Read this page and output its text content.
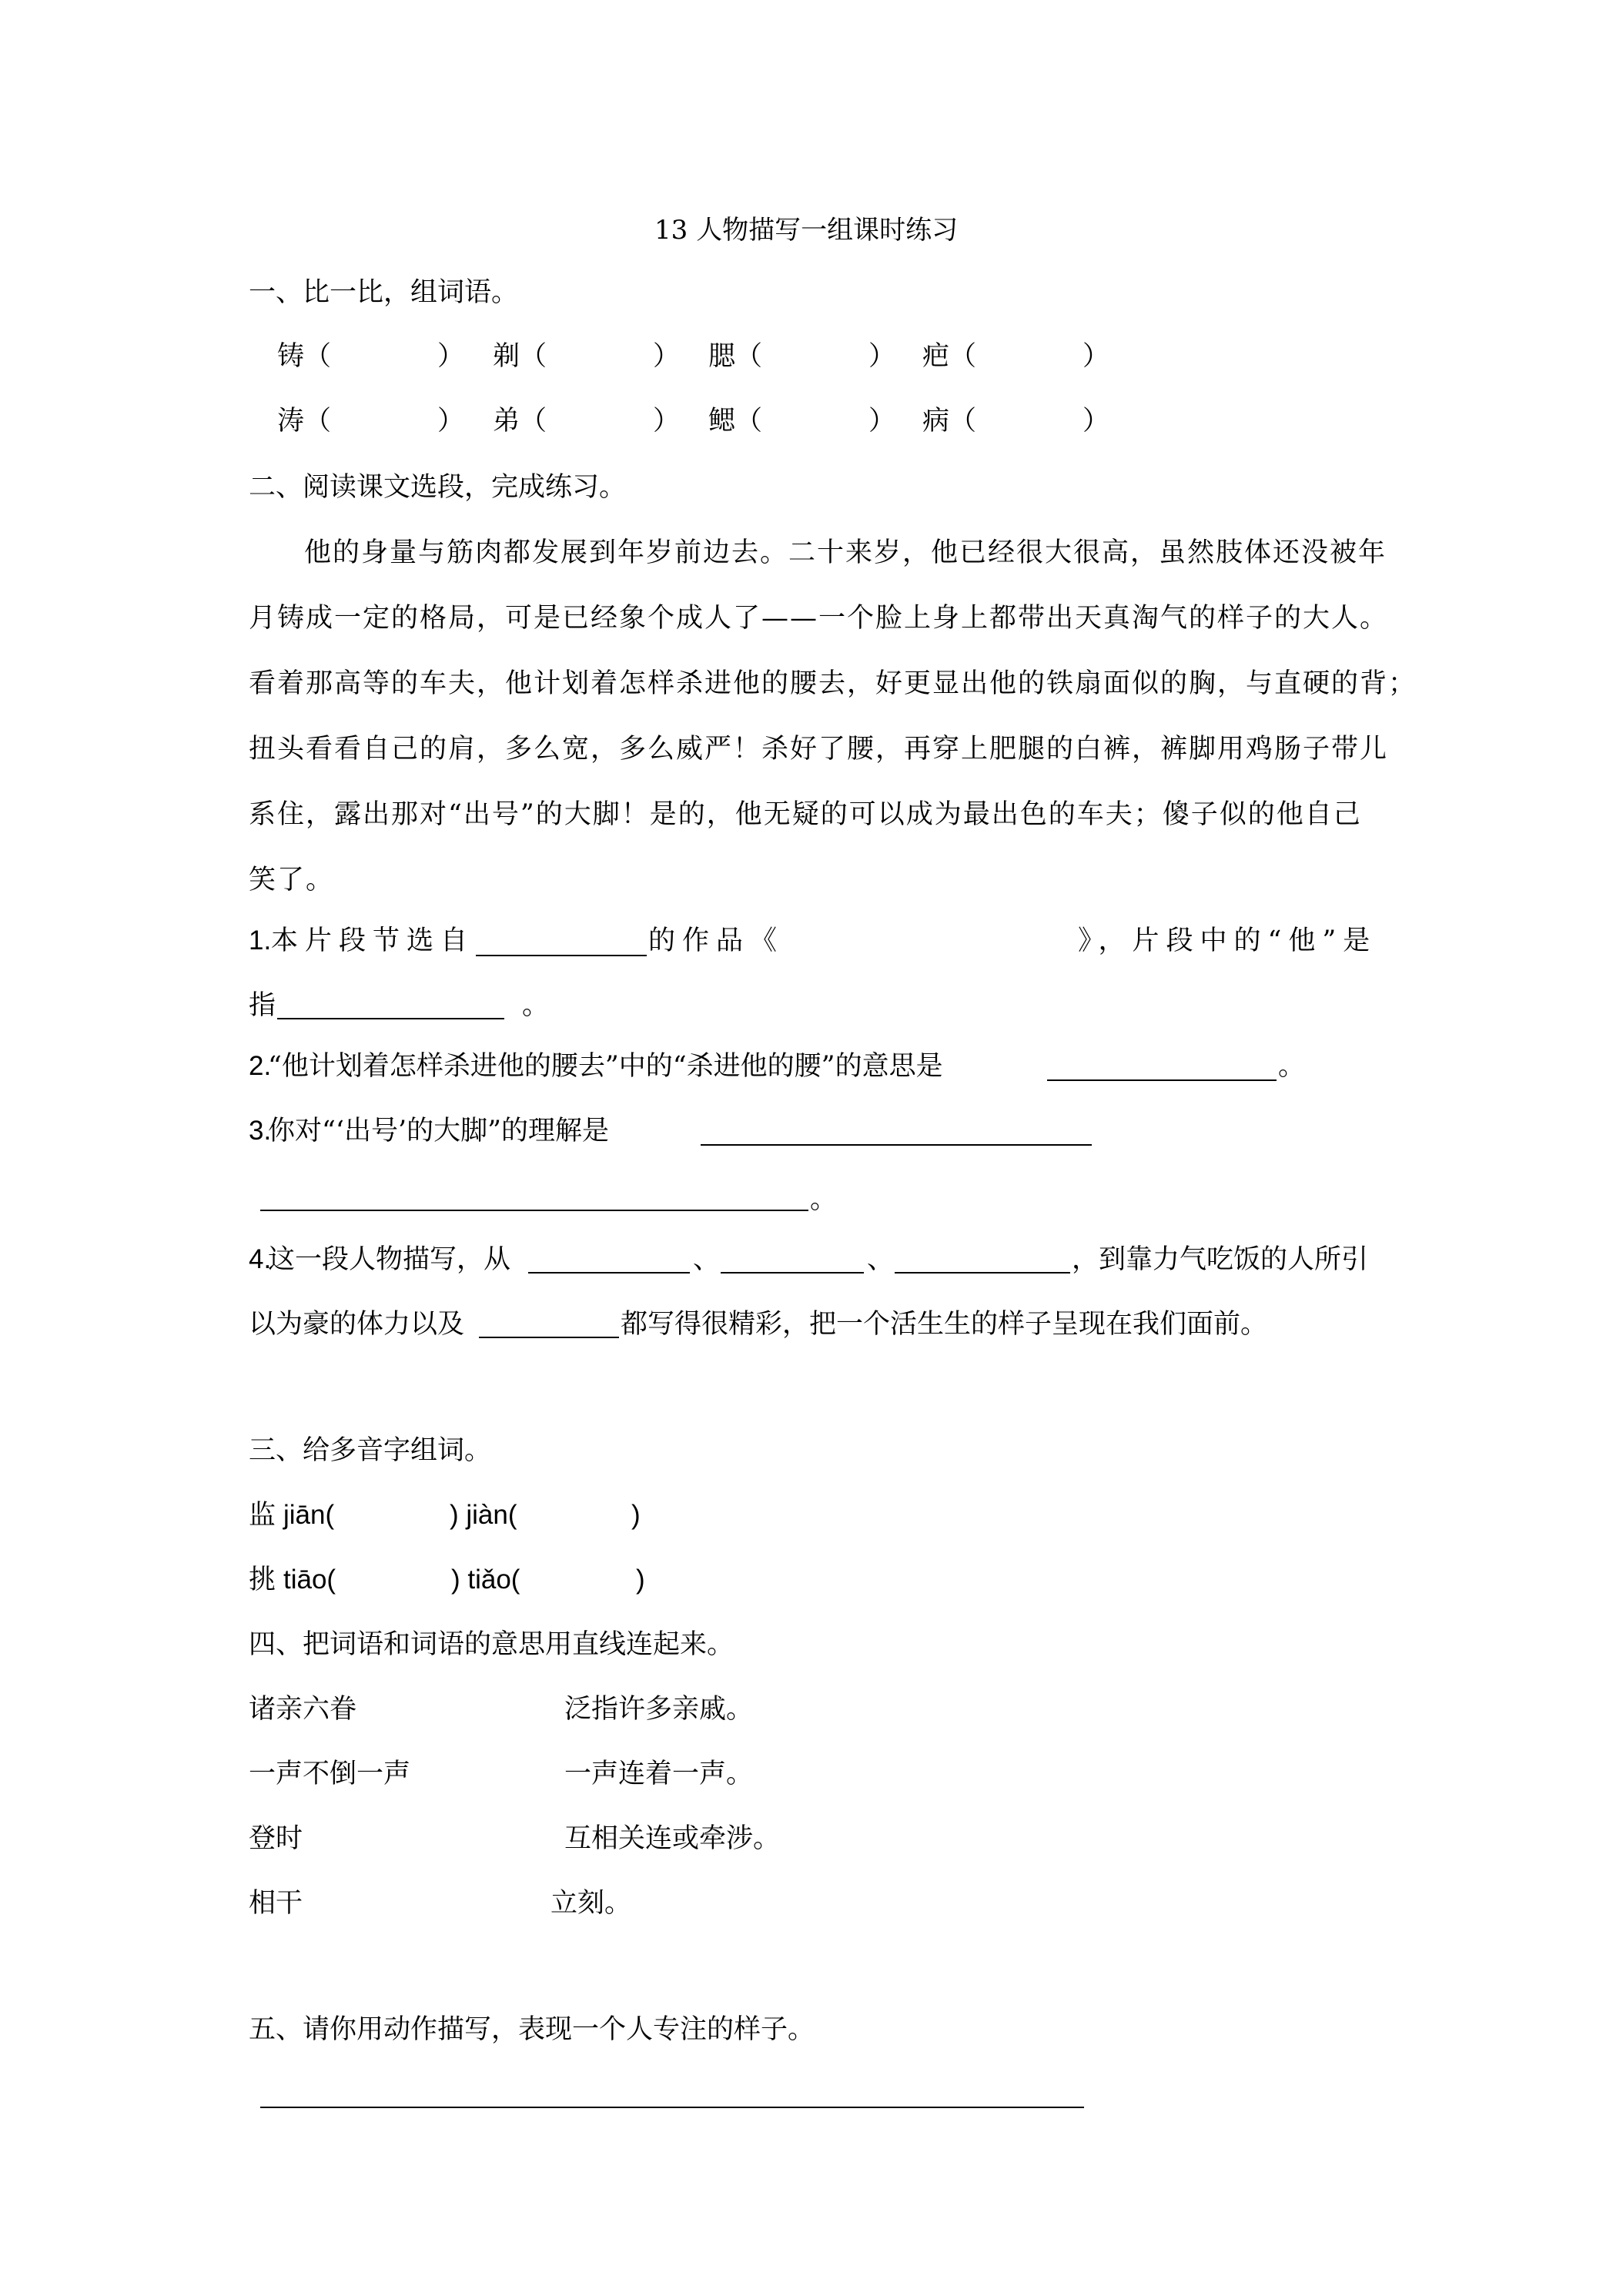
13 人物描写一组课时练习
一、比一比，组词语。
铸（	） 剃（	） 腮（	） 疤（	）
涛（	） 弟（	） 鳃（	） 病（	）
二、阅读课文选段，完成练习。
他的身量与筋肉都发展到年岁前边去。二十来岁，他已经很大很高，虽然肢体还没被年
月铸成一定的格局，可是已经象个成人了——一个脸上身上都带出天真淘气的样子的大人。
看着那高等的车夫，他计划着怎样杀进他的腰去，好更显出他的铁扇面似的胸，与直硬的背；
扭头看看自己的肩，多么宽，多么威严！杀好了腰，再穿上肥腿的白裤，裤脚用鸡肠子带儿
系住，露出那对“出号”的大脚！是的，他无疑的可以成为最出色的车夫；傻子似的他自己
笑了。
1. 本片段节选自	的作品《	》，片段中的“他”是
指	。
2.
“他计划着怎样杀进他的腰去”中的“杀进他的腰”的意思是	。
3.
你对“‘出号’的大脚”的理解是
。
4.
这一段人物描写，从	、	、	，到靠力气吃饭的人所引
以为豪的体力以及	都写得很精彩，把一个活生生的样子呈现在我们面前。
三、给多音字组词。
监 jiān(	) jiàn(	)
挑 tiāo(	) tiǎo(	)
四、把词语和词语的意思用直线连起来。
诸亲六眷	泛指许多亲戚。
一声不倒一声	一声连着一声。
登时	互相关连或牵涉。
相干	立刻。
五、请你用动作描写，表现一个人专注的样子。
